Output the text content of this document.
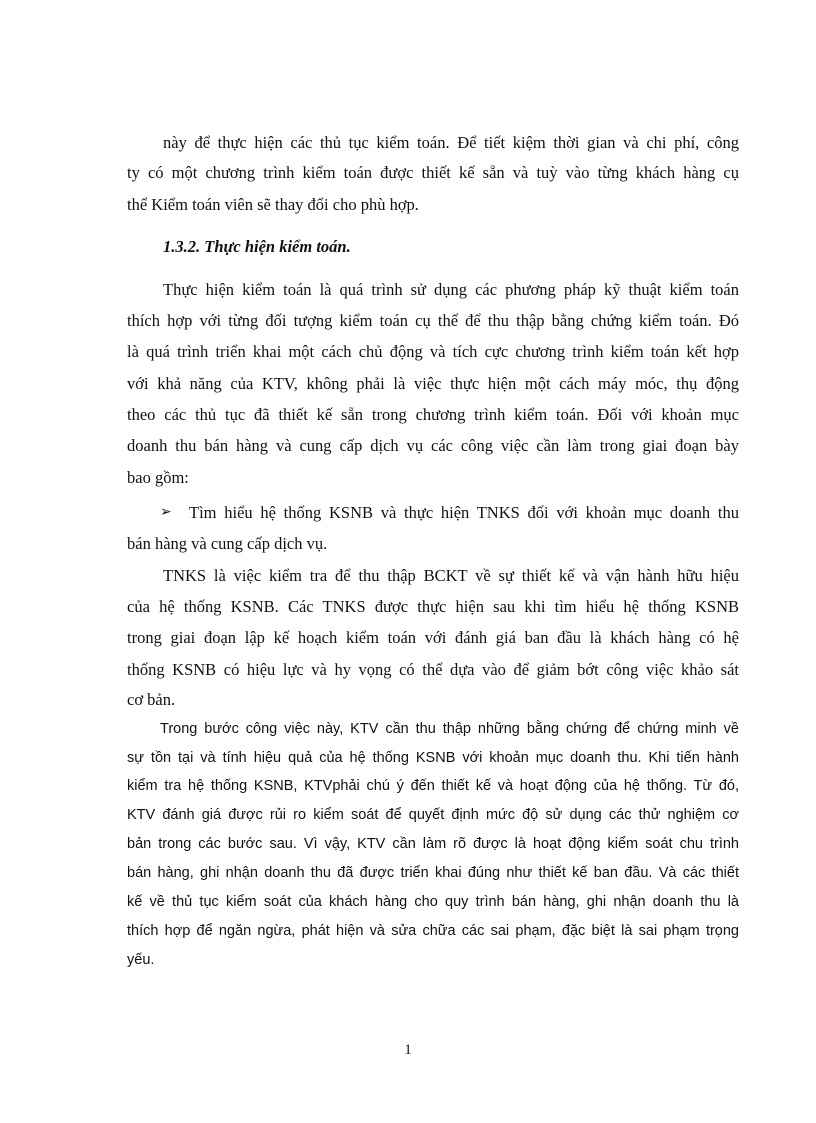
này để thực hiện các thủ tục kiểm toán. Để tiết kiệm thời gian và chi phí, công
ty có một chương trình kiểm toán được thiết kế sẵn và tuỳ vào từng khách hàng cụ
thể Kiểm toán viên sẽ thay đổi cho phù hợp.
1.3.2. Thực hiện kiểm toán.
Thực hiện kiểm toán là quá trình sử dụng các phương pháp kỹ thuật kiểm toán
thích hợp với từng đối tượng kiểm toán cụ thể để thu thập bằng chứng kiểm toán. Đó
là quá trình triển khai một cách chủ động và tích cực chương trình kiểm toán kết hợp
với khả năng của KTV, không phải là việc thực hiện một cách máy móc, thụ động
theo các thủ tục đã thiết kế sẵn trong chương trình kiểm toán. Đối với khoản mục
doanh thu bán hàng và cung cấp dịch vụ các công việc cần làm trong giai đoạn bày
bao gồm:
➢ Tìm hiểu hệ thống KSNB và thực hiện TNKS đối với khoản mục doanh thu
bán hàng và cung cấp dịch vụ.
TNKS là việc kiểm tra để thu thập BCKT về sự thiết kế và vận hành hữu hiệu
của hệ thống KSNB. Các TNKS được thực hiện sau khi tìm hiểu hệ thống KSNB
trong giai đoạn lập kế hoạch kiểm toán với đánh giá ban đầu là khách hàng có hệ
thống KSNB có hiệu lực và hy vọng có thể dựa vào để giảm bớt công việc khảo sát
cơ bản.
Trong bước công việc này, KTV cần thu thập những bằng chứng để chứng minh về
sự tồn tại và tính hiệu quả của hệ thống KSNB với khoản mục doanh thu. Khi tiến hành
kiểm tra hệ thống KSNB, KTVphải chú ý đến thiết kế và hoạt động của hệ thống. Từ đó,
KTV đánh giá được rủi ro kiểm soát để quyết định mức độ sử dụng các thử nghiệm cơ
bản trong các bước sau. Vì vậy, KTV cần làm rõ được là hoạt động kiểm soát chu trình
bán hàng, ghi nhận doanh thu đã được triển khai đúng như thiết kế ban đầu. Và các thiết
kế về thủ tục kiểm soát của khách hàng cho quy trình bán hàng, ghi nhận doanh thu là
thích hợp để ngăn ngừa, phát hiện và sửa chữa các sai phạm, đặc biệt là sai phạm trọng
yếu.
1
